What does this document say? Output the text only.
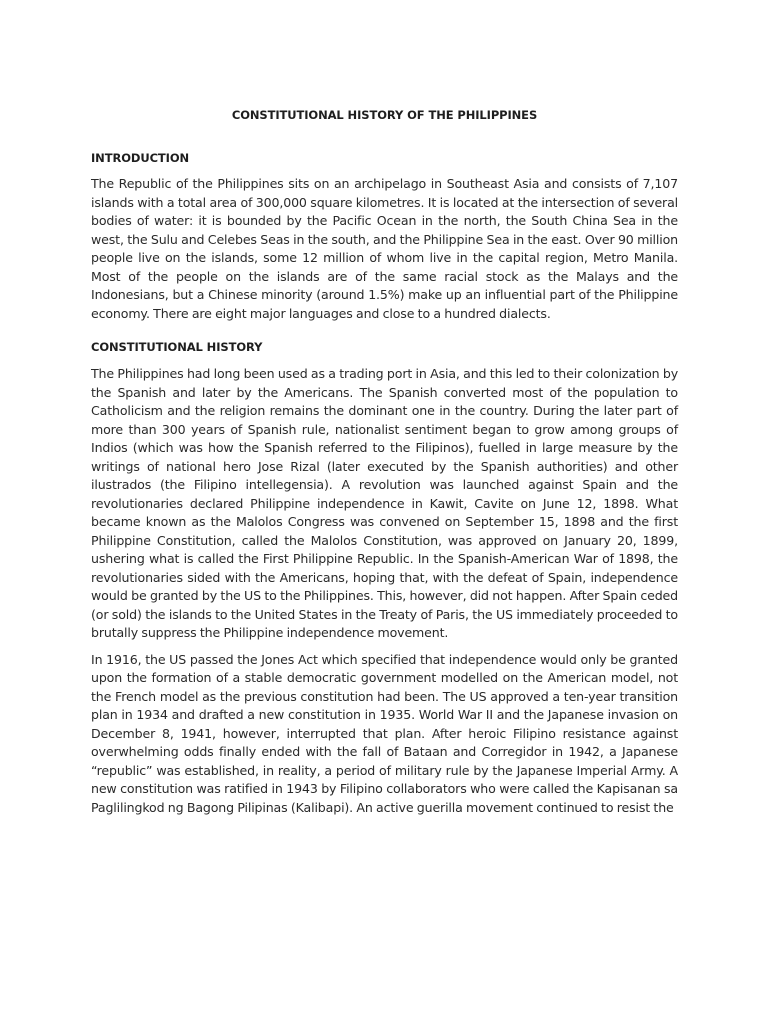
CONSTITUTIONAL HISTORY OF THE PHILIPPINES
INTRODUCTION

The Republic of the Philippines sits on an archipelago in Southeast Asia and consists of 7,107 islands with a total area of 300,000 square kilometres. It is located at the intersection of several bodies of water: it is bounded by the Pacific Ocean in the north, the South China Sea in the west, the Sulu and Celebes Seas in the south, and the Philippine Sea in the east. Over 90 million people live on the islands, some 12 million of whom live in the capital region, Metro Manila. Most of the people on the islands are of the same racial stock as the Malays and the Indonesians, but a Chinese minority (around 1.5%) make up an influential part of the Philippine economy. There are eight major languages and close to a hundred dialects.

CONSTITUTIONAL HISTORY

The Philippines had long been used as a trading port in Asia, and this led to their colonization by the Spanish and later by the Americans. The Spanish converted most of the population to Catholicism and the religion remains the dominant one in the country. During the later part of more than 300 years of Spanish rule, nationalist sentiment began to grow among groups of Indios (which was how the Spanish referred to the Filipinos), fuelled in large measure by the writings of national hero Jose Rizal (later executed by the Spanish authorities) and other ilustrados (the Filipino intellegensia). A revolution was launched against Spain and the revolutionaries declared Philippine independence in Kawit, Cavite on June 12, 1898. What became known as the Malolos Congress was convened on September 15, 1898 and the first Philippine Constitution, called the Malolos Constitution, was approved on January 20, 1899, ushering what is called the First Philippine Republic. In the Spanish-American War of 1898, the revolutionaries sided with the Americans, hoping that, with the defeat of Spain, independence would be granted by the US to the Philippines. This, however, did not happen. After Spain ceded (or sold) the islands to the United States in the Treaty of Paris, the US immediately proceeded to brutally suppress the Philippine independence movement.

In 1916, the US passed the Jones Act which specified that independence would only be granted upon the formation of a stable democratic government modelled on the American model, not the French model as the previous constitution had been. The US approved a ten-year transition plan in 1934 and drafted a new constitution in 1935. World War II and the Japanese invasion on December 8, 1941, however, interrupted that plan. After heroic Filipino resistance against overwhelming odds finally ended with the fall of Bataan and Corregidor in 1942, a Japanese “republic” was established, in reality, a period of military rule by the Japanese Imperial Army. A new constitution was ratified in 1943 by Filipino collaborators who were called the Kapisanan sa Paglilingkod ng Bagong Pilipinas (Kalibapi). An active guerilla movement continued to resist the
